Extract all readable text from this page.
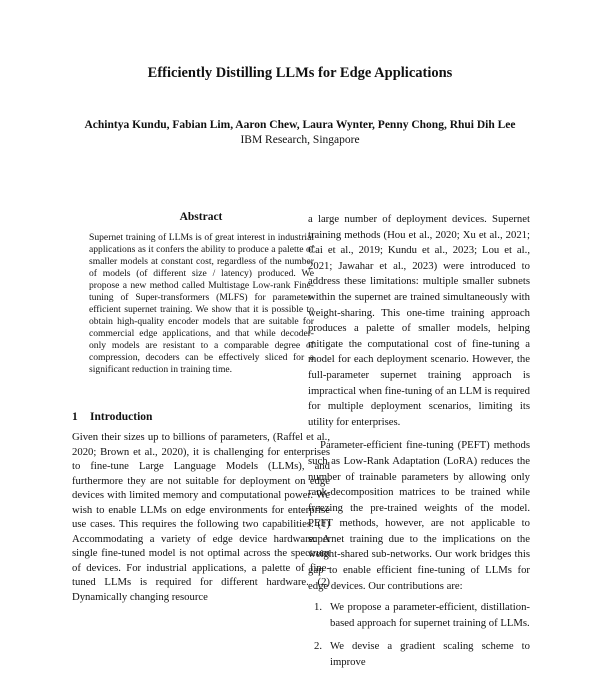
Efficiently Distilling LLMs for Edge Applications
Achintya Kundu, Fabian Lim, Aaron Chew, Laura Wynter, Penny Chong, Rhui Dih Lee
IBM Research, Singapore
Abstract
Supernet training of LLMs is of great interest in industrial applications as it confers the ability to produce a palette of smaller models at constant cost, regardless of the number of models (of different size / latency) produced. We propose a new method called Multistage Low-rank Fine-tuning of Super-transformers (MLFS) for parameter-efficient supernet training. We show that it is possible to obtain high-quality encoder models that are suitable for commercial edge applications, and that while decoder-only models are resistant to a comparable degree of compression, decoders can be effectively sliced for a significant reduction in training time.
1 Introduction
Given their sizes up to billions of parameters, (Raffel et al., 2020; Brown et al., 2020), it is challenging for enterprises to fine-tune Large Language Models (LLMs), and furthermore they are not suitable for deployment on edge devices with limited memory and computational power. We wish to enable LLMs on edge environments for enterprise use cases. This requires the following two capabilities. (1) Accommodating a variety of edge device hardware: A single fine-tuned model is not optimal across the spectrum of devices. For industrial applications, a palette of fine-tuned LLMs is required for different hardware. (2) Dynamically changing resource

a large number of deployment devices. Supernet training methods (Hou et al., 2020; Xu et al., 2021; Cai et al., 2019; Kundu et al., 2023; Lou et al., 2021; Jawahar et al., 2023) were introduced to address these limitations: multiple smaller subnets within the supernet are trained simultaneously with weight-sharing. This one-time training approach produces a palette of smaller models, helping mitigate the computational cost of fine-tuning a model for each deployment scenario. However, the full-parameter supernet training approach is impractical when fine-tuning of an LLM is required for multiple deployment scenarios, limiting its utility for enterprises.

Parameter-efficient fine-tuning (PEFT) methods such as Low-Rank Adaptation (LoRA) reduces the number of trainable parameters by allowing only rank-decomposition matrices to be trained while freezing the pre-trained weights of the model. PEFT methods, however, are not applicable to supernet training due to the implications on the weight-shared sub-networks. Our work bridges this gap to enable efficient fine-tuning of LLMs for edge devices. Our contributions are:

1. We propose a parameter-efficient, distillation-based approach for supernet training of LLMs.
2. We devise a gradient scaling scheme to improve
